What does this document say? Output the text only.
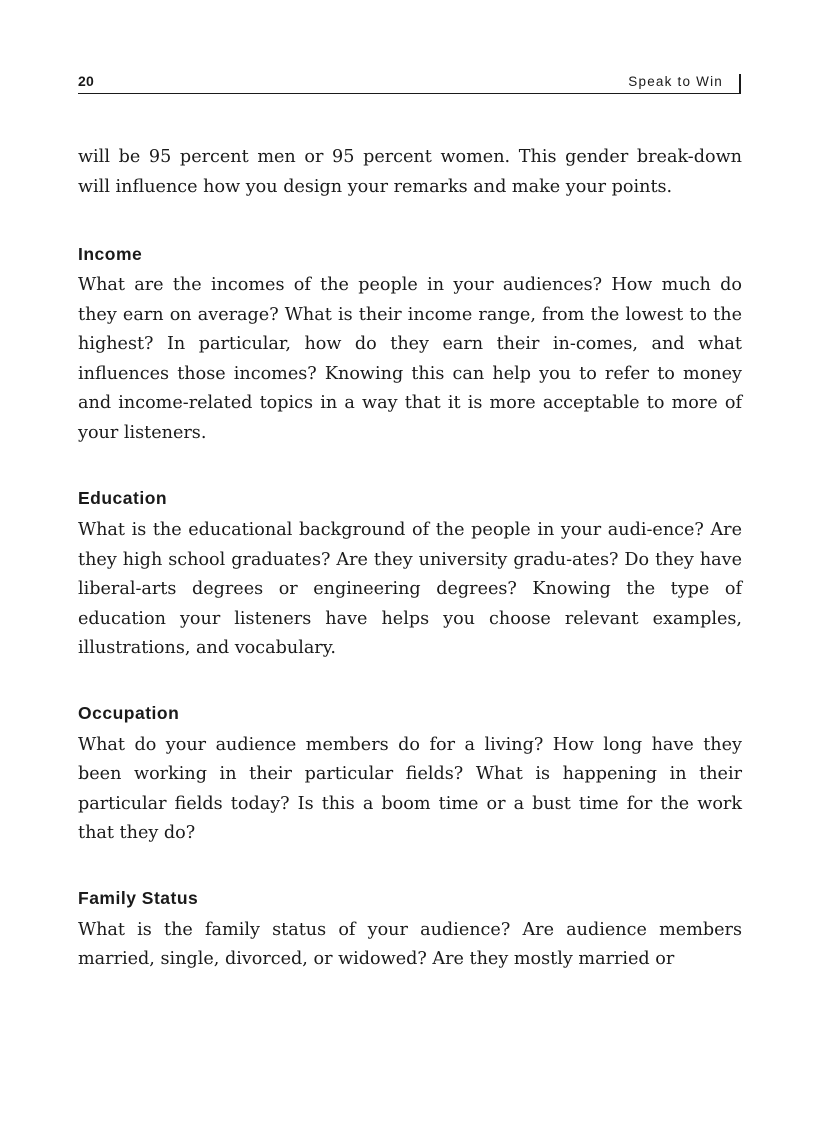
20	Speak to Win

will be 95 percent men or 95 percent women. This gender break-down will influence how you design your remarks and make your points.

Income

What are the incomes of the people in your audiences? How much do they earn on average? What is their income range, from the lowest to the highest? In particular, how do they earn their in-comes, and what influences those incomes? Knowing this can help you to refer to money and income-related topics in a way that it is more acceptable to more of your listeners.

Education

What is the educational background of the people in your audi-ence? Are they high school graduates? Are they university gradu-ates? Do they have liberal-arts degrees or engineering degrees? Knowing the type of education your listeners have helps you choose relevant examples, illustrations, and vocabulary.

Occupation

What do your audience members do for a living? How long have they been working in their particular fields? What is happening in their particular fields today? Is this a boom time or a bust time for the work that they do?

Family Status

What is the family status of your audience? Are audience members married, single, divorced, or widowed? Are they mostly married or
